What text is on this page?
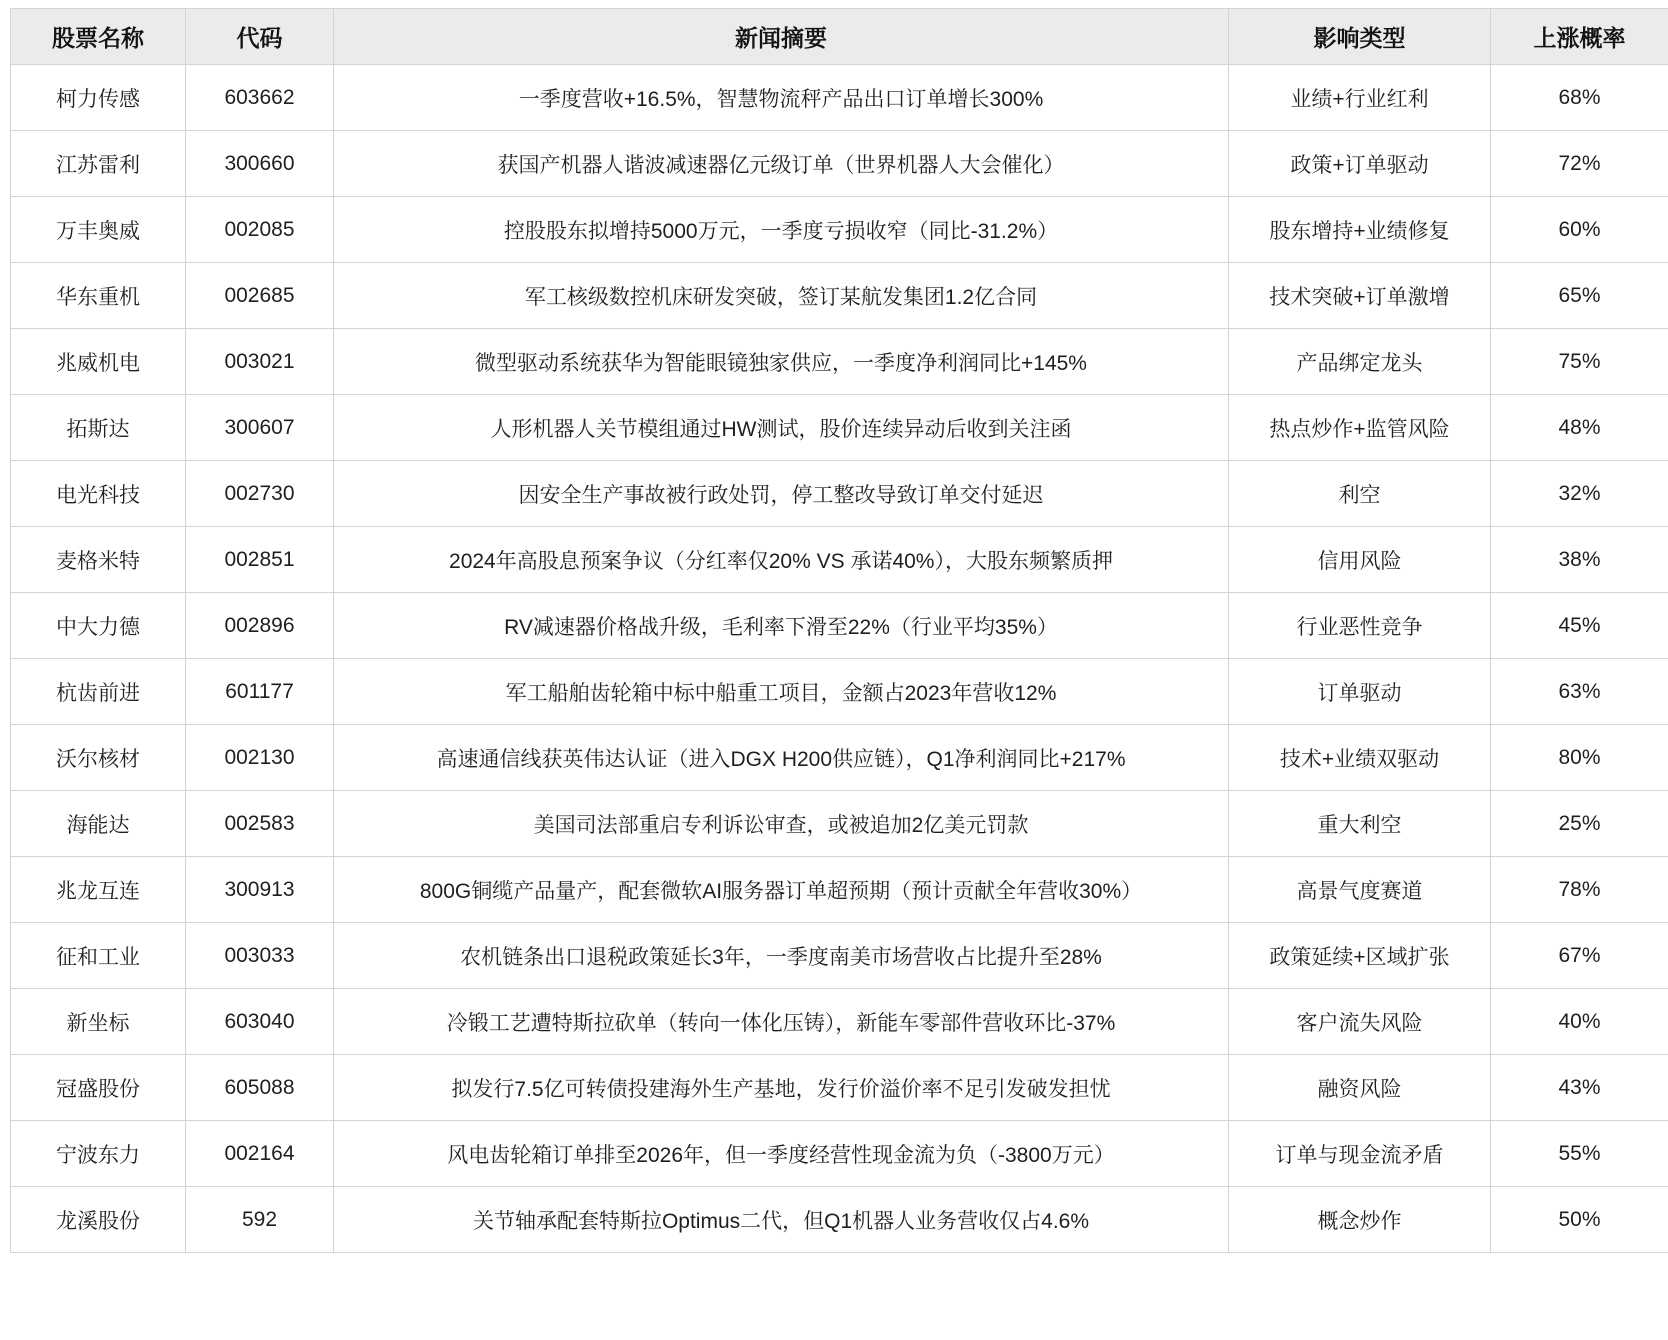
股票名称	代码	新闻摘要	影响类型	上涨概率
柯力传感	603662	一季度营收+16.5%，智慧物流秤产品出口订单增长300%	业绩+行业红利	68%
江苏雷利	300660	获国产机器人谐波减速器亿元级订单（世界机器人大会催化）	政策+订单驱动	72%
万丰奥威	002085	控股股东拟增持5000万元，一季度亏损收窄（同比-31.2%）	股东增持+业绩修复	60%
华东重机	002685	军工核级数控机床研发突破，签订某航发集团1.2亿合同	技术突破+订单激增	65%
兆威机电	003021	微型驱动系统获华为智能眼镜独家供应，一季度净利润同比+145%	产品绑定龙头	75%
拓斯达	300607	人形机器人关节模组通过HW测试，股价连续异动后收到关注函	热点炒作+监管风险	48%
电光科技	002730	因安全生产事故被行政处罚，停工整改导致订单交付延迟	利空	32%
麦格米特	002851	2024年高股息预案争议（分红率仅20% VS 承诺40%），大股东频繁质押	信用风险	38%
中大力德	002896	RV减速器价格战升级，毛利率下滑至22%（行业平均35%）	行业恶性竞争	45%
杭齿前进	601177	军工船舶齿轮箱中标中船重工项目，金额占2023年营收12%	订单驱动	63%
沃尔核材	002130	高速通信线获英伟达认证（进入DGX H200供应链），Q1净利润同比+217%	技术+业绩双驱动	80%
海能达	002583	美国司法部重启专利诉讼审查，或被追加2亿美元罚款	重大利空	25%
兆龙互连	300913	800G铜缆产品量产，配套微软AI服务器订单超预期（预计贡献全年营收30%）	高景气度赛道	78%
征和工业	003033	农机链条出口退税政策延长3年，一季度南美市场营收占比提升至28%	政策延续+区域扩张	67%
新坐标	603040	冷锻工艺遭特斯拉砍单（转向一体化压铸），新能车零部件营收环比-37%	客户流失风险	40%
冠盛股份	605088	拟发行7.5亿可转债投建海外生产基地，发行价溢价率不足引发破发担忧	融资风险	43%
宁波东力	002164	风电齿轮箱订单排至2026年，但一季度经营性现金流为负（-3800万元）	订单与现金流矛盾	55%
龙溪股份	592	关节轴承配套特斯拉Optimus二代，但Q1机器人业务营收仅占4.6%	概念炒作	50%
